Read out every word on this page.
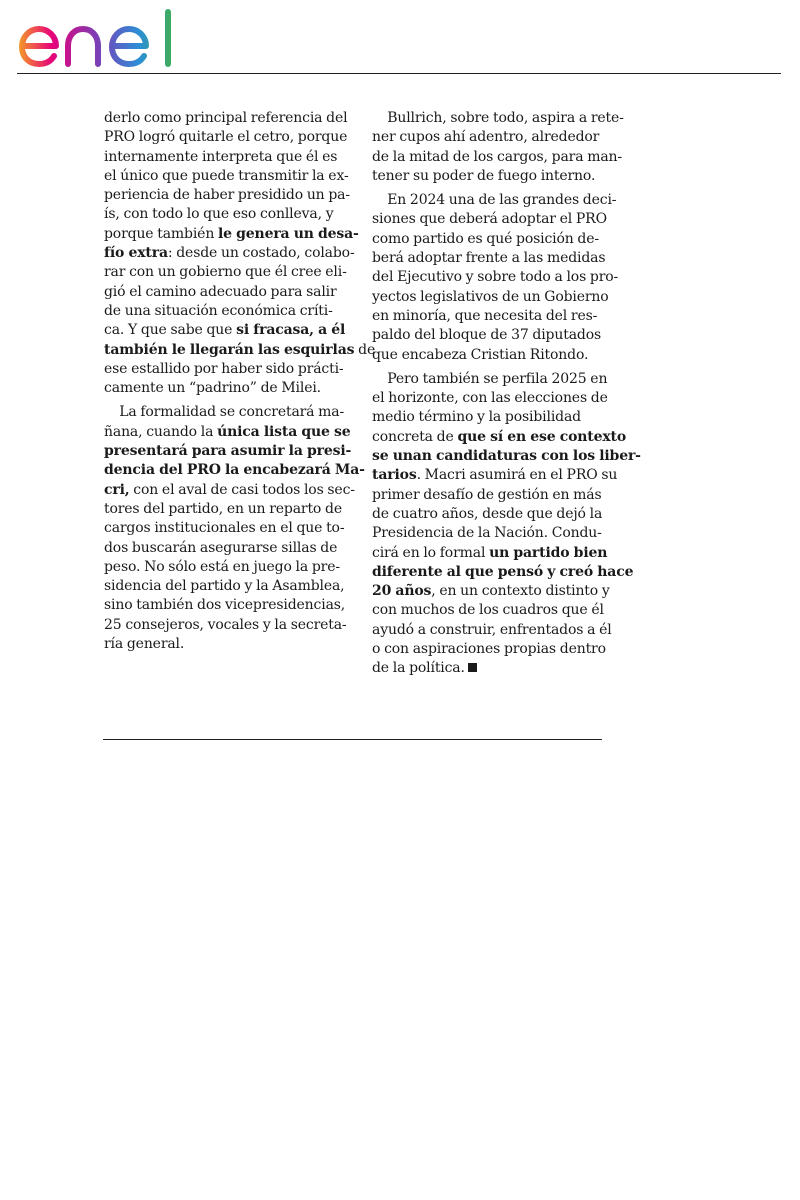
derlo como principal referencia del
PRO logró quitarle el cetro, porque
internamente interpreta que él es
el único que puede transmitir la ex-
periencia de haber presidido un pa-
ís, con todo lo que eso conlleva, y
porque también le genera un desa-
fío extra: desde un costado, colabo-
rar con un gobierno que él cree eli-
gió el camino adecuado para salir
de una situación económica críti-
ca. Y que sabe que si fracasa, a él
también le llegarán las esquirlas de
ese estallido por haber sido prácti-
camente un “padrino” de Milei.
La formalidad se concretará ma-
ñana, cuando la única lista que se
presentará para asumir la presi-
dencia del PRO la encabezará Ma-
cri, con el aval de casi todos los sec-
tores del partido, en un reparto de
cargos institucionales en el que to-
dos buscarán asegurarse sillas de
peso. No sólo está en juego la pre-
sidencia del partido y la Asamblea,
sino también dos vicepresidencias,
25 consejeros, vocales y la secreta-
ría general.
Bullrich, sobre todo, aspira a rete-
ner cupos ahí adentro, alrededor
de la mitad de los cargos, para man-
tener su poder de fuego interno.
En 2024 una de las grandes deci-
siones que deberá adoptar el PRO
como partido es qué posición de-
berá adoptar frente a las medidas
del Ejecutivo y sobre todo a los pro-
yectos legislativos de un Gobierno
en minoría, que necesita del res-
paldo del bloque de 37 diputados
que encabeza Cristian Ritondo.
Pero también se perfila 2025 en
el horizonte, con las elecciones de
medio término y la posibilidad
concreta de que sí en ese contexto
se unan candidaturas con los liber-
tarios. Macri asumirá en el PRO su
primer desafío de gestión en más
de cuatro años, desde que dejó la
Presidencia de la Nación. Condu-
cirá en lo formal un partido bien
diferente al que pensó y creó hace
20 años, en un contexto distinto y
con muchos de los cuadros que él
ayudó a construir, enfrentados a él
o con aspiraciones propias dentro
de la política.
